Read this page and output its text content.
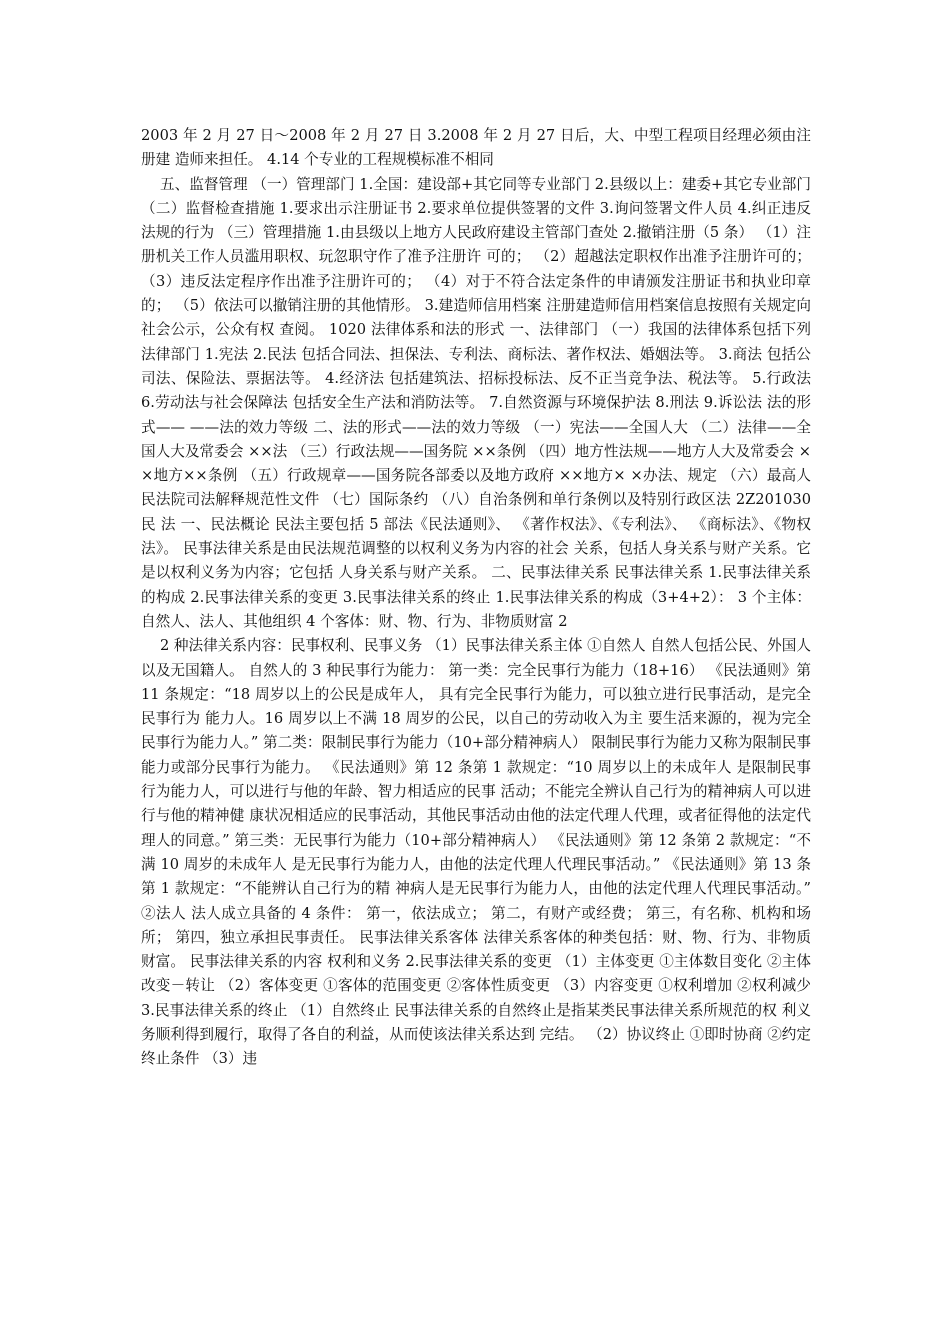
2003 年 2 月 27 日～2008 年 2 月 27 日 3.2008 年 2 月 27 日后，大、中型工程项目经理必须由注册建 造师来担任。 4.14 个专业的工程规模标准不相同

五、监督管理 （一）管理部门 1.全国：建设部+其它同等专业部门 2.县级以上：建委+其它专业部门 （二）监督检查措施 1.要求出示注册证书 2.要求单位提供签署的文件 3.询问签署文件人员 4.纠正违反法规的行为 （三）管理措施 1.由县级以上地方人民政府建设主管部门查处 2.撤销注册（5 条） （1）注册机关工作人员滥用职权、玩忽职守作了准予注册许 可的； （2）超越法定职权作出准予注册许可的； （3）违反法定程序作出准予注册许可的； （4）对于不符合法定条件的申请颁发注册证书和执业印章的； （5）依法可以撤销注册的其他情形。 3.建造师信用档案 注册建造师信用档案信息按照有关规定向社会公示，公众有权 查阅。 1020 法律体系和法的形式 一、法律部门 （一）我国的法律体系包括下列法律部门 1.宪法 2.民法 包括合同法、担保法、专利法、商标法、著作权法、婚姻法等。 3.商法 包括公司法、保险法、票据法等。 4.经济法 包括建筑法、招标投标法、反不正当竞争法、税法等。 5.行政法 6.劳动法与社会保障法 包括安全生产法和消防法等。 7.自然资源与环境保护法 8.刑法 9.诉讼法 法的形式—— ——法的效力等级 二、法的形式——法的效力等级 （一）宪法——全国人大 （二）法律——全国人大及常委会 ××法 （三）行政法规——国务院 ××条例 （四）地方性法规——地方人大及常委会 ××地方××条例 （五）行政规章——国务院各部委以及地方政府 ××地方× ×办法、规定 （六）最高人民法院司法解释规范性文件 （七）国际条约 （八）自治条例和单行条例以及特别行政区法 2Z201030 民 法 一、民法概论 民法主要包括 5 部法《民法通则》、 《著作权法》、《专利法》、 《商标法》、《物权法》。 民事法律关系是由民法规范调整的以权利义务为内容的社会 关系，包括人身关系与财产关系。它是以权利义务为内容；它包括 人身关系与财产关系。 二、民事法律关系 民事法律关系 1.民事法律关系的构成 2.民事法律关系的变更 3.民事法律关系的终止 1.民事法律关系的构成（3+4+2）： 3 个主体：自然人、法人、其他组织 4 个客体：财、物、行为、非物质财富 2

2 种法律关系内容：民事权利、民事义务 （1）民事法律关系主体 ①自然人 自然人包括公民、外国人以及无国籍人。 自然人的 3 种民事行为能力： 第一类：完全民事行为能力（18+16） 《民法通则》第 11 条规定：“18 周岁以上的公民是成年人， 具有完全民事行为能力，可以独立进行民事活动，是完全民事行为 能力人。16 周岁以上不满 18 周岁的公民，以自己的劳动收入为主 要生活来源的，视为完全民事行为能力人。” 第二类：限制民事行为能力（10+部分精神病人） 限制民事行为能力又称为限制民事能力或部分民事行为能力。 《民法通则》第 12 条第 1 款规定：“10 周岁以上的未成年人 是限制民事行为能力人，可以进行与他的年龄、智力相适应的民事 活动；不能完全辨认自己行为的精神病人可以进行与他的精神健 康状况相适应的民事活动，其他民事活动由他的法定代理人代理，或者征得他的法定代理人的同意。” 第三类：无民事行为能力（10+部分精神病人） 《民法通则》第 12 条第 2 款规定：“不满 10 周岁的未成年人 是无民事行为能力人，由他的法定代理人代理民事活动。” 《民法通则》第 13 条第 1 款规定：“不能辨认自己行为的精 神病人是无民事行为能力人，由他的法定代理人代理民事活动。” ②法人 法人成立具备的 4 条件： 第一，依法成立； 第二，有财产或经费； 第三，有名称、机构和场所； 第四，独立承担民事责任。 民事法律关系客体 法律关系客体的种类包括：财、物、行为、非物质财富。 民事法律关系的内容 权利和义务 2.民事法律关系的变更 （1）主体变更 ①主体数目变化 ②主体改变－转让 （2）客体变更 ①客体的范围变更 ②客体性质变更 （3）内容变更 ①权利增加 ②权利减少 3.民事法律关系的终止 （1）自然终止 民事法律关系的自然终止是指某类民事法律关系所规范的权 利义务顺利得到履行，取得了各自的利益，从而使该法律关系达到 完结。 （2）协议终止 ①即时协商 ②约定终止条件 （3）违
